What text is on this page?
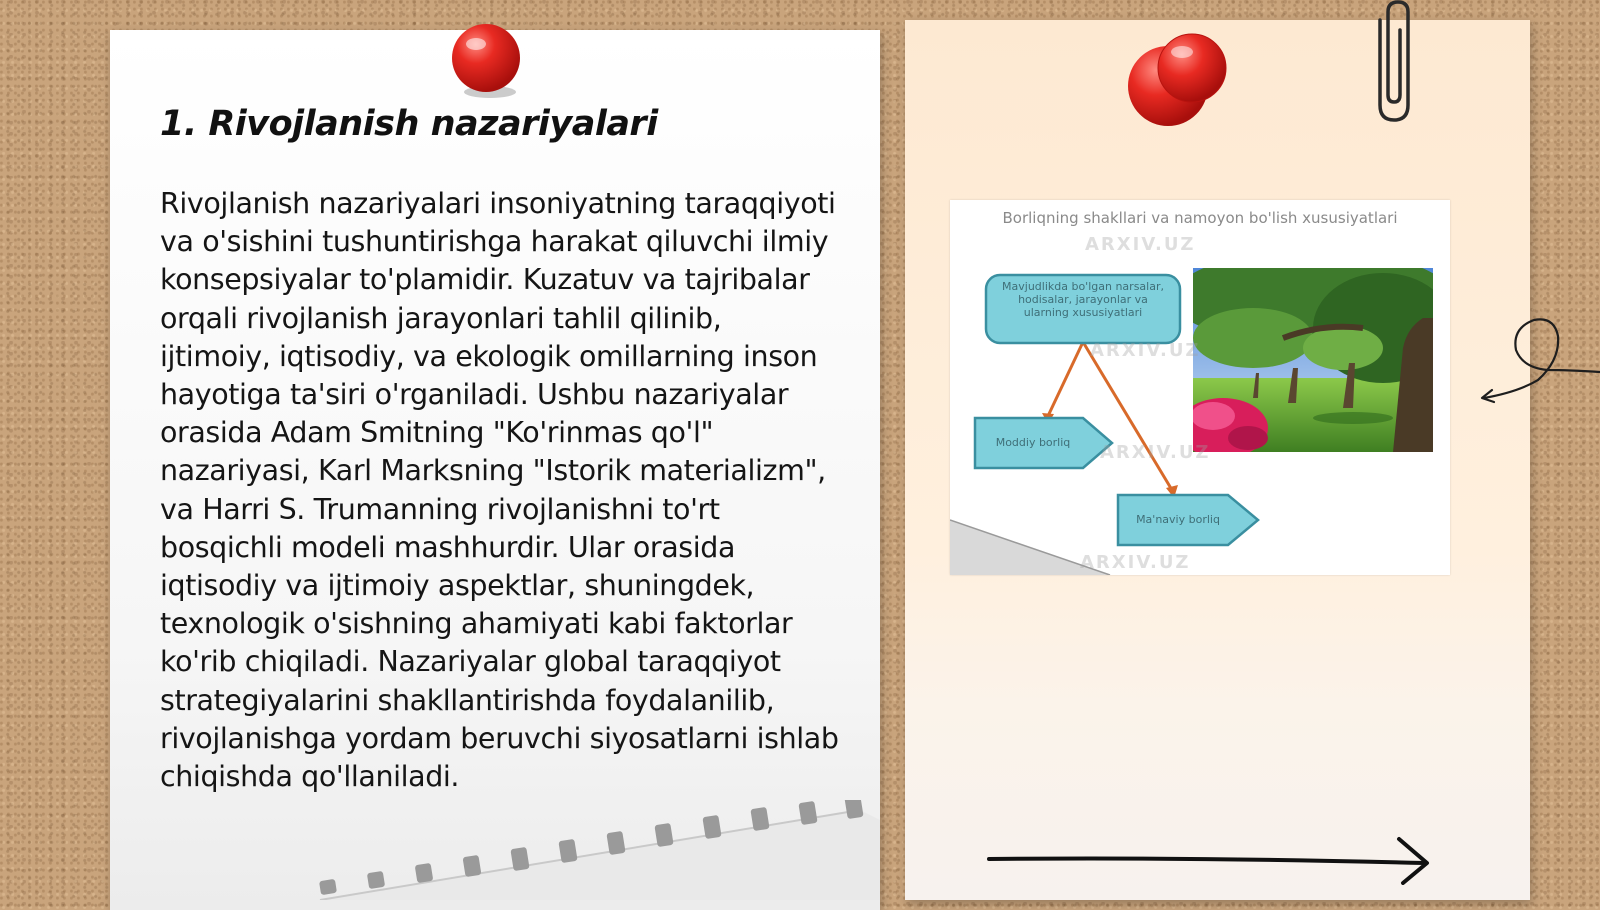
1. Rivojlanish nazariyalari

Rivojlanish nazariyalari insoniyatning taraqqiyoti va o'sishini tushuntirishga harakat qiluvchi ilmiy konsepsiyalar to'plamidir. Kuzatuv va tajribalar orqali rivojlanish jarayonlari tahlil qilinib, ijtimoiy, iqtisodiy, va ekologik omillarning inson hayotiga ta'siri o'rganiladi. Ushbu nazariyalar orasida Adam Smitning "Ko'rinmas qo'l" nazariyasi, Karl Marksning "Istorik materializm", va Harri S. Trumanning rivojlanishni to'rt bosqichli modeli mashhurdir. Ular orasida iqtisodiy va ijtimoiy aspektlar, shuningdek, texnologik o'sishning ahamiyati kabi faktorlar ko'rib chiqiladi. Nazariyalar global taraqqiyot strategiyalarini shakllantirishda foydalanilib, rivojlanishga yordam beruvchi siyosatlarni ishlab chiqishda qo'llaniladi.

Borliqning shakllari va namoyon bo'lish xususiyatlari
Mavjudlikda bo'lgan narsalar, hodisalar, jarayonlar va ularning xususiyatlari
Moddiy borliq
Ma'naviy borliq
ARXIV.UZ
ARXIV.UZ
ARXIV.UZ
ARXIV.UZ
